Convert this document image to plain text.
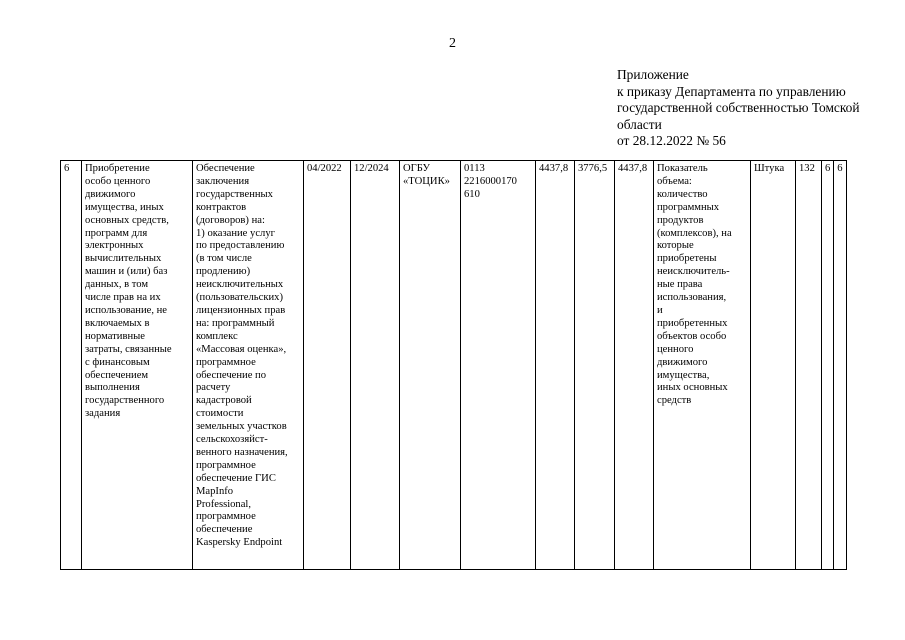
2
Приложение
к приказу Департамента по управлению
государственной собственностью Томской
области
от 28.12.2022 № 56
6	Приобретение
особо ценного
движимого
имущества, иных
основных средств,
программ для
электронных
вычислительных
машин и (или) баз
данных, в том
числе прав на их
использование, не
включаемых в
нормативные
затраты, связанные
с финансовым
обеспечением
выполнения
государственного
задания

Обеспечение
заключения
государственных
контрактов
(договоров) на:
1) оказание услуг
по предоставлению
(в том числе
продлению)
неисключительных
(пользовательских)
лицензионных прав
на: программный
комплекс
«Массовая оценка»,
программное
обеспечение по
расчету
кадастровой
стоимости
земельных участков
сельскохозяйст-
венного назначения,
программное
обеспечение ГИС
MapInfo
Professional,
программное
обеспечение
Kaspersky Endpoint
	04/2022	12/2024	ОГБУ
«ТОЦИК»

0113
2216000170
610
	4437,8	3776,5	4437,8	Показатель
объема:
количество
программных
продуктов
(комплексов), на
которые
приобретены
неисключитель-
ные права
использования,
и
приобретенных
объектов особо
ценного
движимого
имущества,
иных основных
средств
	Штука	132	6	6
